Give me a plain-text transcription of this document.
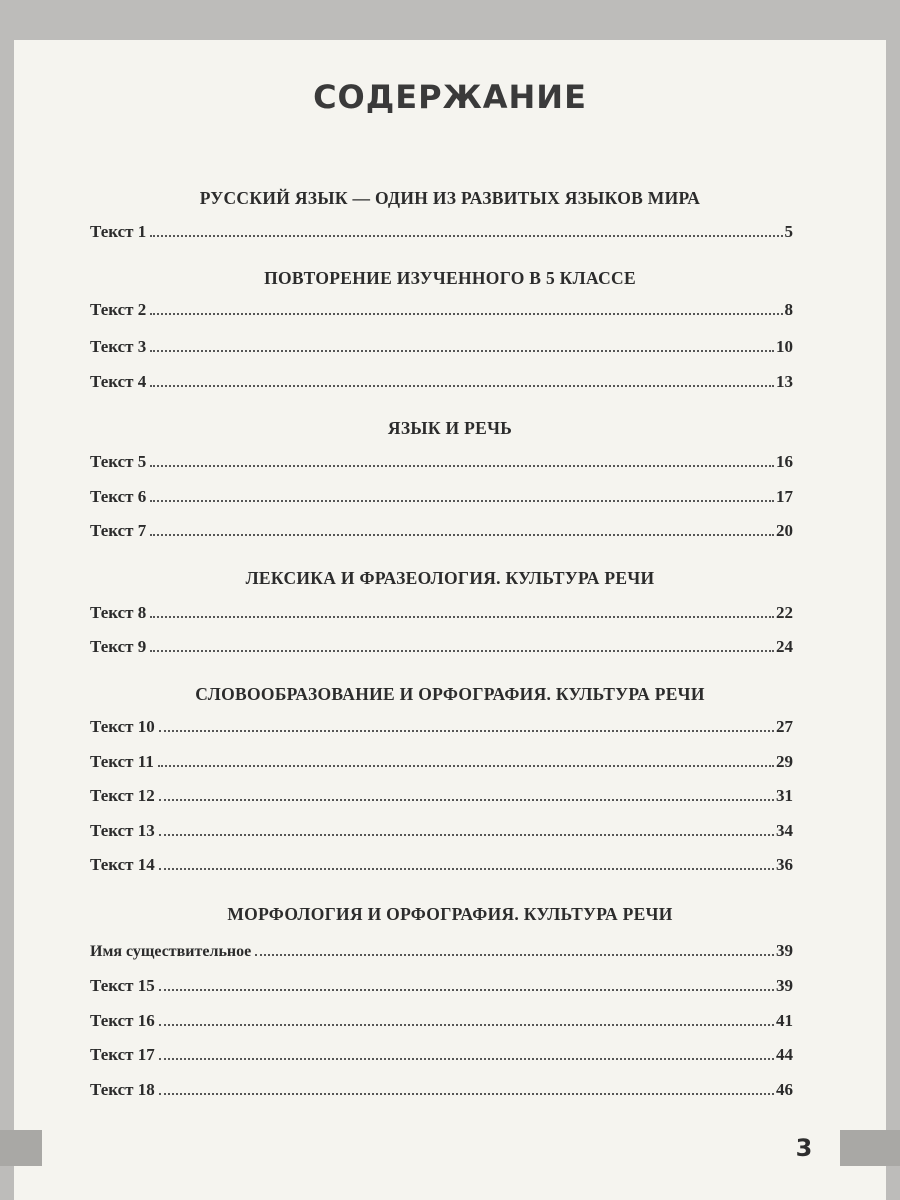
СОДЕРЖАНИЕ
РУССКИЙ ЯЗЫК — ОДИН ИЗ РАЗВИТЫХ ЯЗЫКОВ МИРА
Текст 1	5
ПОВТОРЕНИЕ ИЗУЧЕННОГО В 5 КЛАССЕ
Текст 2	8
Текст 3	10
Текст 4	13
ЯЗЫК И РЕЧЬ
Текст 5	16
Текст 6	17
Текст 7	20
ЛЕКСИКА И ФРАЗЕОЛОГИЯ. КУЛЬТУРА РЕЧИ
Текст 8	22
Текст 9	24
СЛОВООБРАЗОВАНИЕ И ОРФОГРАФИЯ. КУЛЬТУРА РЕЧИ
Текст 10	27
Текст 11	29
Текст 12	31
Текст 13	34
Текст 14	36
МОРФОЛОГИЯ И ОРФОГРАФИЯ. КУЛЬТУРА РЕЧИ
Имя существительное	39
Текст 15	39
Текст 16	41
Текст 17	44
Текст 18	46
3
